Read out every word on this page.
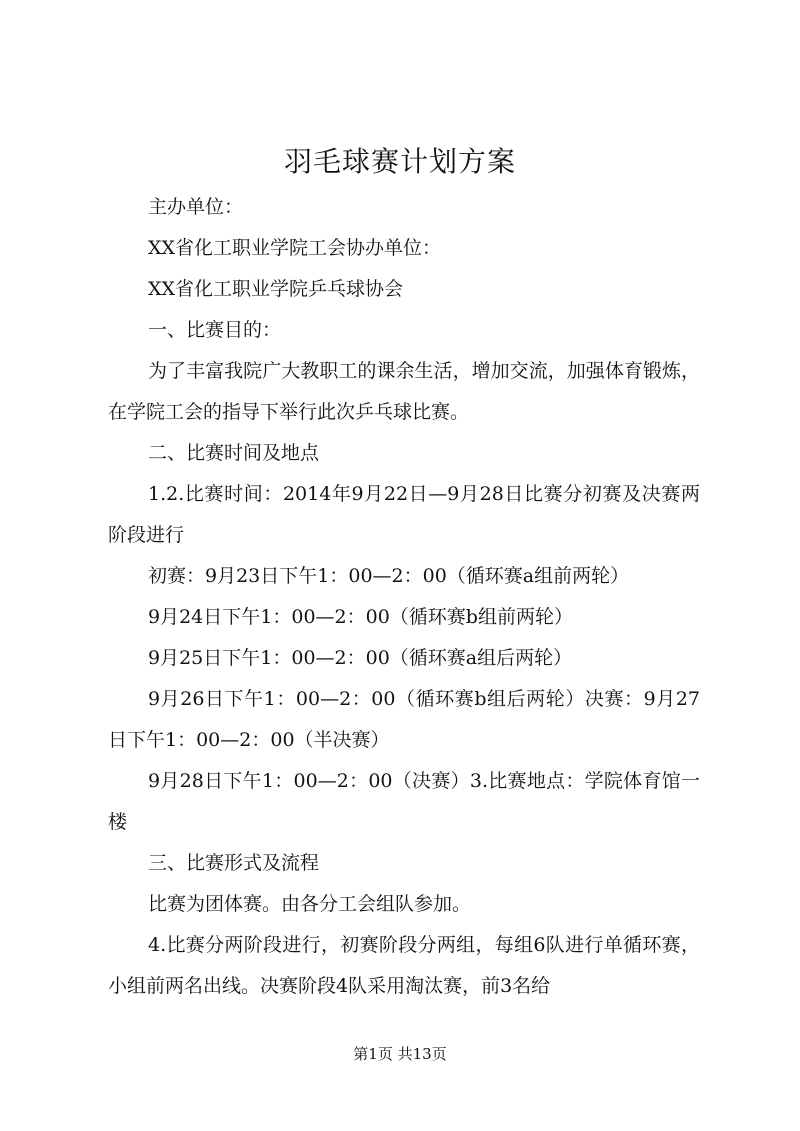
羽毛球赛计划方案

主办单位：

XX省化工职业学院工会协办单位：

XX省化工职业学院乒乓球协会

一、比赛目的：

为了丰富我院广大教职工的课余生活，增加交流，加强体育锻炼，在学院工会的指导下举行此次乒乓球比赛。

二、比赛时间及地点

1.2.比赛时间：2014年9月22日—9月28日比赛分初赛及决赛两阶段进行

初赛：9月23日下午1：00—2：00（循环赛a组前两轮）

9月24日下午1：00—2：00（循环赛b组前两轮）

9月25日下午1：00—2：00（循环赛a组后两轮）

9月26日下午1：00—2：00（循环赛b组后两轮）决赛：9月27日下午1：00—2：00（半决赛）

9月28日下午1：00—2：00（决赛）3.比赛地点：学院体育馆一楼

三、比赛形式及流程

比赛为团体赛。由各分工会组队参加。

4.比赛分两阶段进行，初赛阶段分两组，每组6队进行单循环赛，小组前两名出线。决赛阶段4队采用淘汰赛，前3名给

第1页 共13页
